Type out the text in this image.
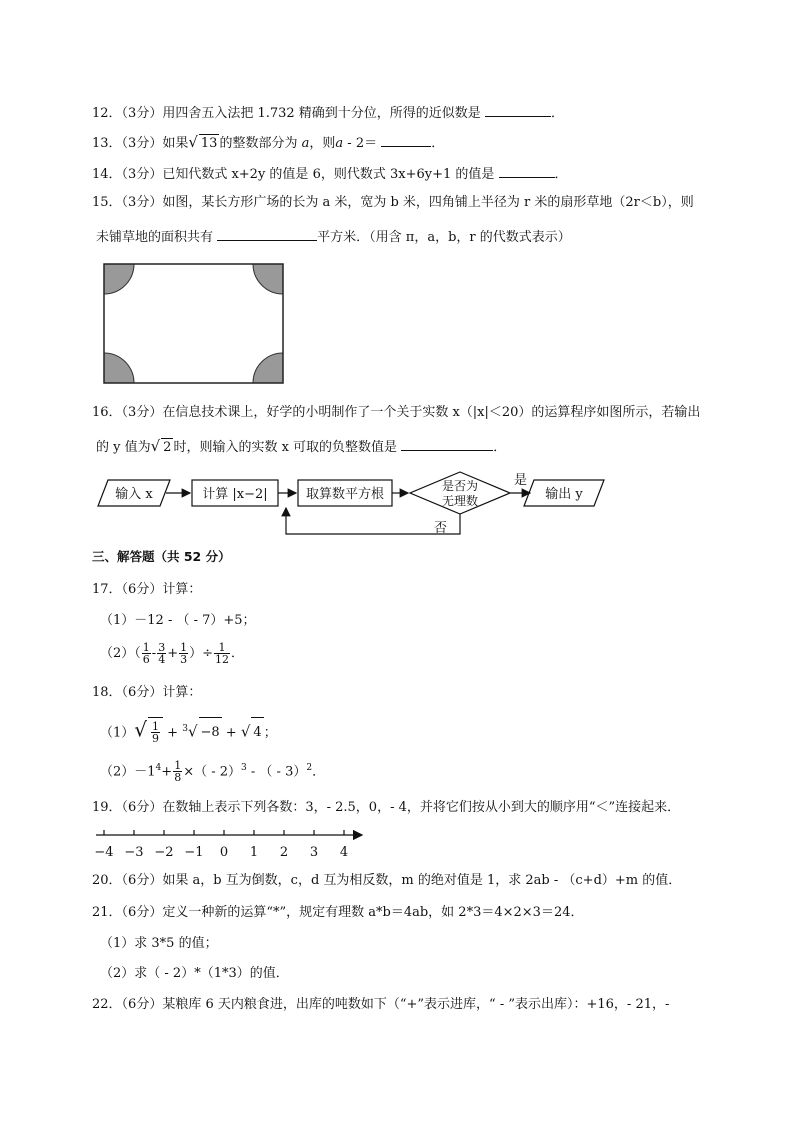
12．（3分）用四舍五入法把 1.732 精确到十分位，所得的近似数是	．
13．（3分）如果√ 13 的整数部分为 a，则a - 2＝	．
14．（3分）已知代数式 x+2y 的值是 6，则代数式 3x+6y+1 的值是	．
15．（3分）如图，某长方形广场的长为 a 米，宽为 b 米，四角铺上半径为 r 米的扇形草地（2r＜b），则
未铺草地的面积共有	平方米．（用含 π，a，b，r 的代数式表示）
16．（3分）在信息技术课上，好学的小明制作了一个关于实数 x（|x|＜20）的运算程序如图所示，若输出
的 y 值为√ 2 时，则输入的实数 x 可取的负整数值是	．
输入 x	计算 |x−2|	取算数平方根
是否为
无理数
是
否
输出 y
三、解答题（共 52 分）
17．（6分）计算：
（1）－12 - （ - 7）+5；
$(2)( \frac{1}{6} - \frac{3}{4} + \frac{1}{3}$ ）÷ $\frac{1}{12}$ ．
18．（6分）计算：
$(1)√ \frac{1}{9} + ^3√ -8$ + √ 4 ；
$(2)-1^4+ \frac{1}{8}$ ×（ - 2）$^3$ - （ - 3）$^2$．
19．（6分）在数轴上表示下列各数：3，- 2.5，0，- 4，并将它们按从小到大的顺序用“＜”连接起来．
−4 −3 −2 −1 0 1 2 3 4
20．（6分）如果 a，b 互为倒数，c，d 互为相反数，m 的绝对值是 1，求 2ab - （c+d）+m 的值．
21．（6分）定义一种新的运算“*”，规定有理数 a*b＝4ab，如 2*3＝4×2×3＝24．
（1）求 3*5 的值；
（2）求（ - 2）*（1*3）的值．
22．（6分）某粮库 6 天内粮食进，出库的吨数如下（“+”表示进库，“ - ”表示出库）：+16，- 21，-
